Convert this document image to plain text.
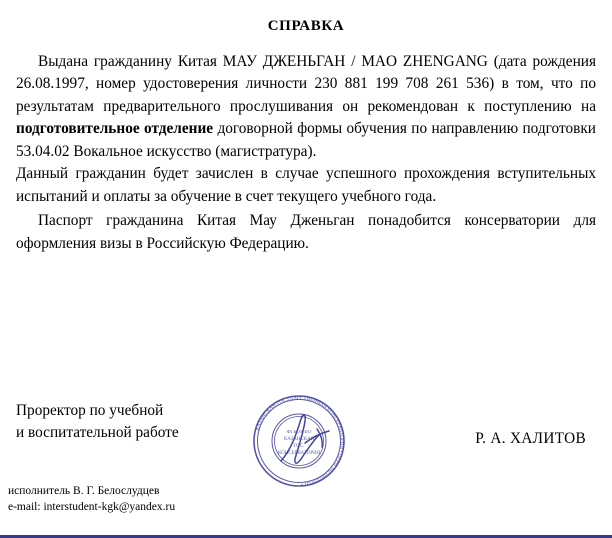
СПРАВКА

Выдана гражданину Китая МАУ ДЖЕНЬГАН / MAO ZHENGANG (дата рождения 26.08.1997, номер удостоверения личности 230 881 199 708 261 536) в том, что по результатам предварительного прослушивания он рекомендован к поступлению на подготовительное отделение договорной формы обучения по направлению подготовки 53.04.02 Вокальное искусство (магистратура).

Данный гражданин будет зачислен в случае успешного прохождения вступительных испытаний и оплаты за обучение в счет текущего учебного года.

Паспорт гражданина Китая Мау Дженьган понадобится консерватории для оформления визы в Российскую Федерацию.

Проректор по учебной
и воспитательной работе	Р. А. ХАЛИТОВ
КАЗАНСКАЯ ГОСУДАРСТВЕННАЯ КОНСЕРВАТОРИЯ • ОГРН 1021602830331 •
ФГБОУ ВО
КАЗАНСКАЯ
ГОС.
КОНСЕРВАТОРИЯ
исполнитель В. Г. Белослудцев
e-mail: interstudent-kgk@yandex.ru
